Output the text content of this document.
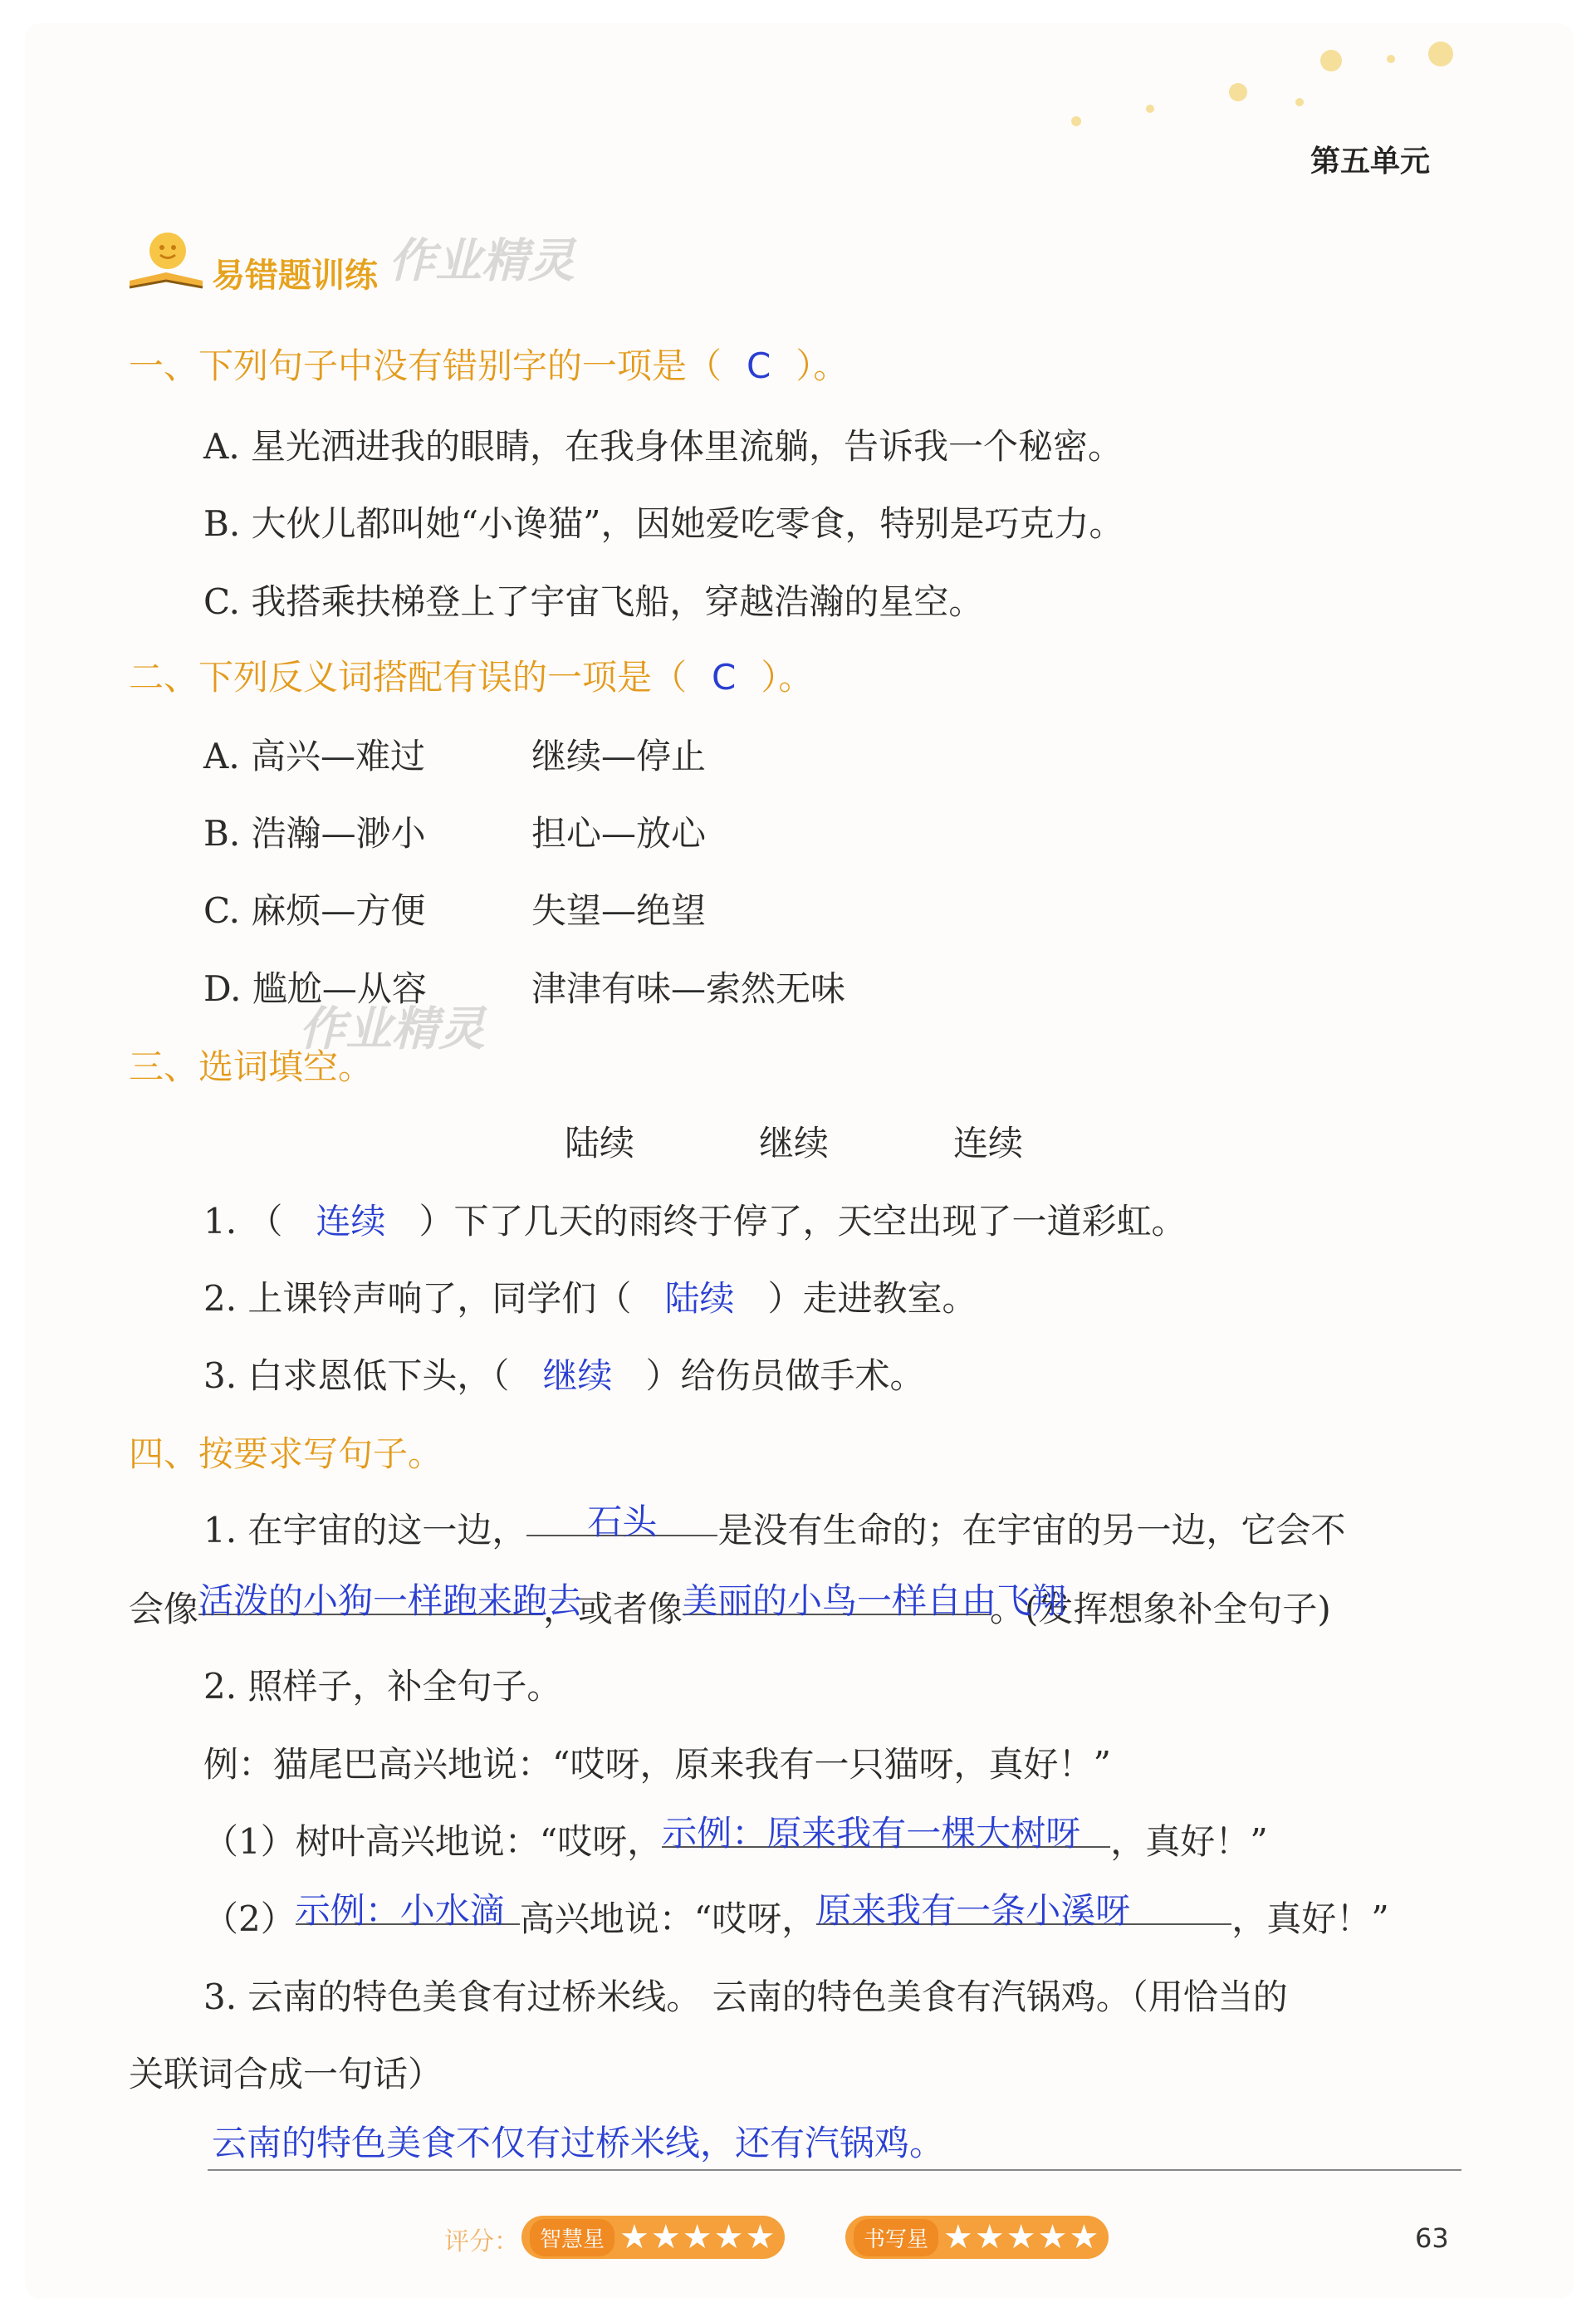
第五单元
易错题训练 作业精灵
一、下列句子中没有错别字的一项是（ C ）。
A. 星光洒进我的眼睛，在我身体里流躺，告诉我一个秘密。
B. 大伙儿都叫她“小谗猫”，因她爱吃零食，特别是巧克力。
C. 我搭乘扶梯登上了宇宙飞船，穿越浩瀚的星空。
二、下列反义词搭配有误的一项是（ C ）。
A. 高兴—难过	继续—停止
B. 浩瀚—渺小	担心—放心
C. 麻烦—方便	失望—绝望
D. 尴尬—从容	津津有味—索然无味
作业精灵
三、选词填空。
陆续	继续	连续
1. （ 连续 ）下了几天的雨终于停了，天空出现了一道彩虹。
2. 上课铃声响了，同学们（ 陆续 ）走进教室。
3. 白求恩低下头，（ 继续 ）给伤员做手术。
四、按要求写句子。
1. 在宇宙的这一边， 石头 是没有生命的；在宇宙的另一边，它会不
会像活泼的小狗一样跑来跑去，或者像美丽的小鸟一样自由飞翔。(发挥想象补全句子)
2. 照样子，补全句子。
例：猫尾巴高兴地说：“哎呀，原来我有一只猫呀，真好！”
（1）树叶高兴地说：“哎呀，示例：原来我有一棵大树呀 ，真好！”
（2）示例：小水滴 高兴地说：“哎呀，原来我有一条小溪呀	，真好！”
3. 云南的特色美食有过桥米线。 云南的特色美食有汽锅鸡。（用恰当的
关联词合成一句话）
云南的特色美食不仅有过桥米线，还有汽锅鸡。
评分： 智慧星 ★★★★★	书写星 ★★★★★	63
